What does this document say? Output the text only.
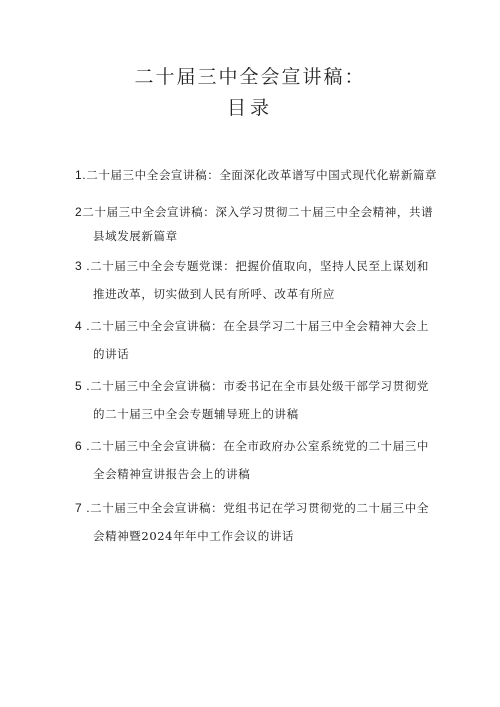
二十届三中全会宣讲稿：
目录
1.二十届三中全会宣讲稿：全面深化改革谱写中国式现代化崭新篇章
2二十届三中全会宣讲稿：深入学习贯彻二十届三中全会精神，共谱
县域发展新篇章
3 .二十届三中全会专题党课：把握价值取向，坚持人民至上谋划和
推进改革，切实做到人民有所呼、改革有所应
4 .二十届三中全会宣讲稿：在全县学习二十届三中全会精神大会上
的讲话
5 .二十届三中全会宣讲稿：市委书记在全市县处级干部学习贯彻党
的二十届三中全会专题辅导班上的讲稿
6 .二十届三中全会宣讲稿：在全市政府办公室系统党的二十届三中
全会精神宣讲报告会上的讲稿
7 .二十届三中全会宣讲稿：党组书记在学习贯彻党的二十届三中全
会精神暨2024年年中工作会议的讲话
